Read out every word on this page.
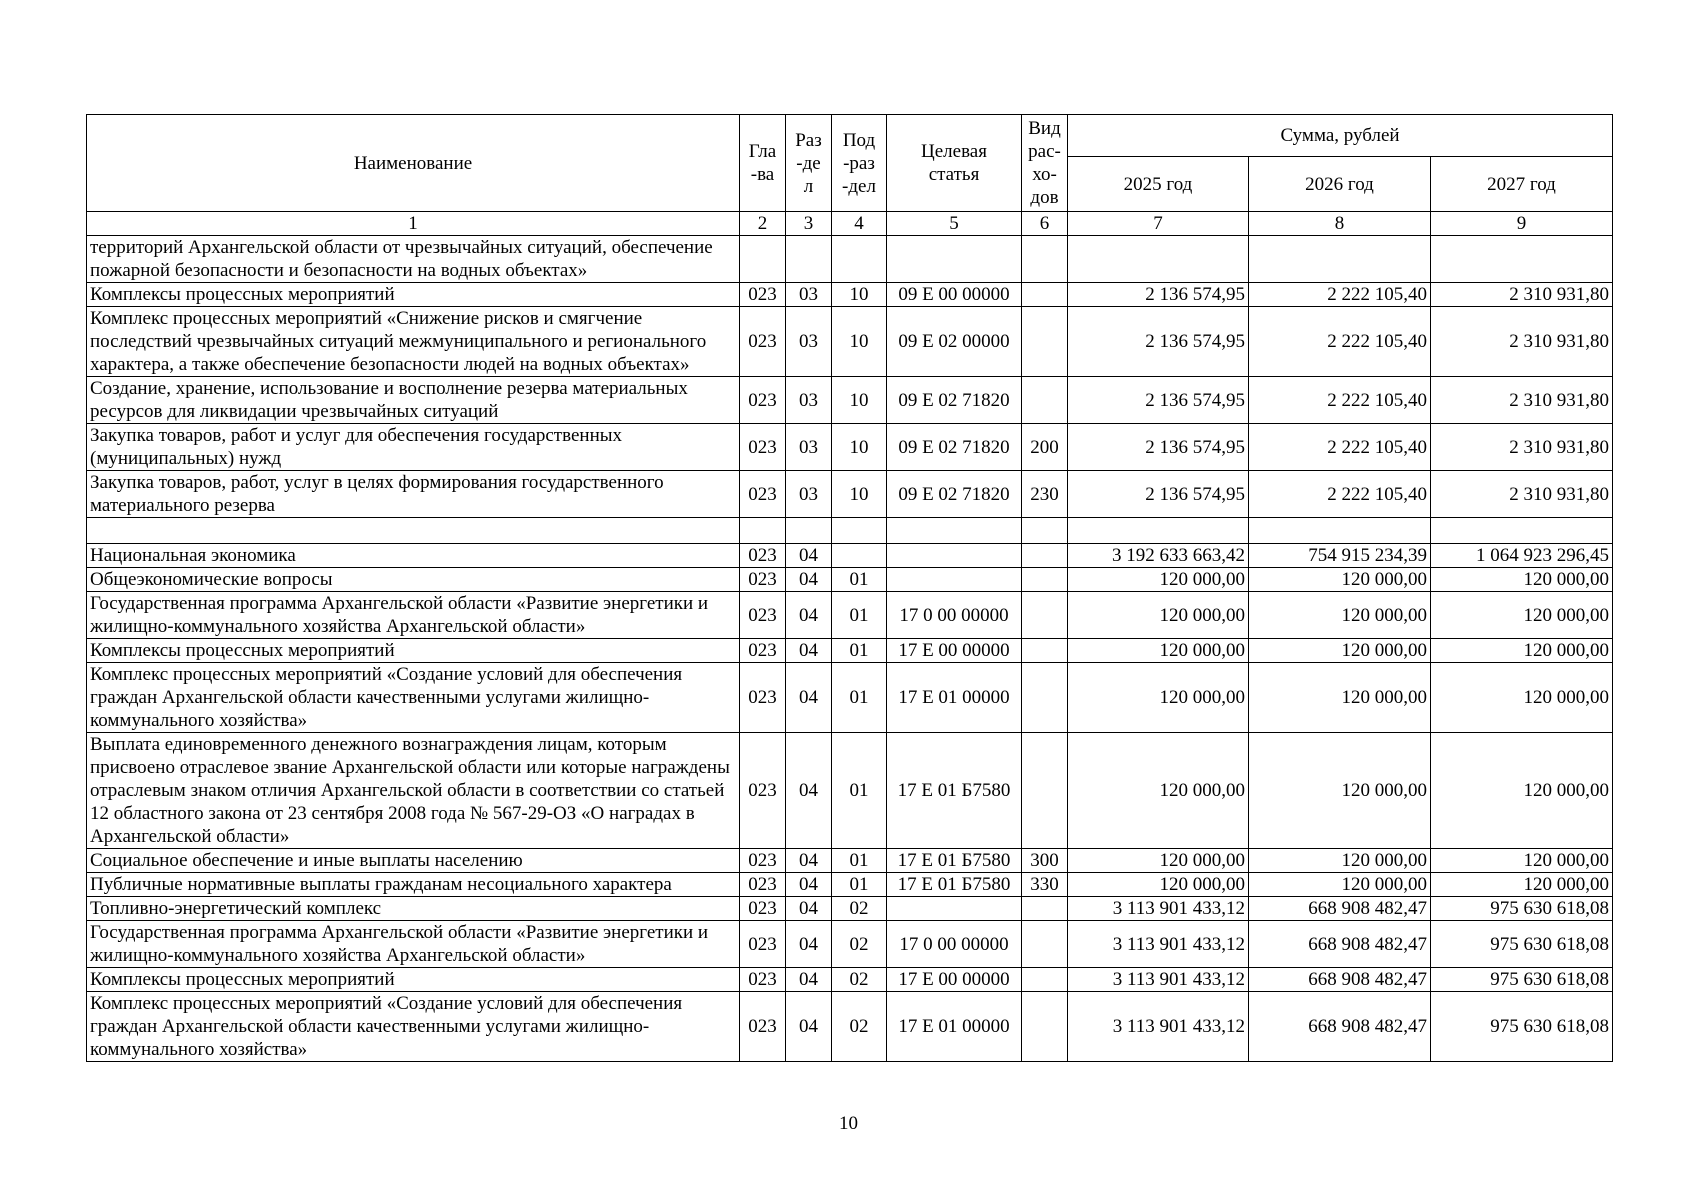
Наименование	Гла-ва	Раз-дел	Под-раз-дел	Целевая статья	Вид рас-хо-дов	Сумма, рублей		
						2025 год	2026 год	2027 год
1	2	3	4	5	6	7	8	9
территорий Архангельской области от чрезвычайных ситуаций, обеспечение пожарной безопасности и безопасности на водных объектах»								
Комплексы процессных мероприятий	023	03	10	09 Е 00 00000		2 136 574,95	2 222 105,40	2 310 931,80
Комплекс процессных мероприятий «Снижение рисков и смягчение последствий чрезвычайных ситуаций межмуниципального и регионального характера, а также обеспечение безопасности людей на водных объектах»	023	03	10	09 Е 02 00000		2 136 574,95	2 222 105,40	2 310 931,80
Создание, хранение, использование и восполнение резерва материальных ресурсов для ликвидации чрезвычайных ситуаций	023	03	10	09 Е 02 71820		2 136 574,95	2 222 105,40	2 310 931,80
Закупка товаров, работ и услуг для обеспечения государственных (муниципальных) нужд	023	03	10	09 Е 02 71820	200	2 136 574,95	2 222 105,40	2 310 931,80
Закупка товаров, работ, услуг в целях формирования государственного материального резерва	023	03	10	09 Е 02 71820	230	2 136 574,95	2 222 105,40	2 310 931,80

Национальная экономика	023	04				3 192 633 663,42	754 915 234,39	1 064 923 296,45
Общеэкономические вопросы	023	04	01			120 000,00	120 000,00	120 000,00
Государственная программа Архангельской области «Развитие энергетики и жилищно-коммунального хозяйства Архангельской области»	023	04	01	17 0 00 00000		120 000,00	120 000,00	120 000,00
Комплексы процессных мероприятий	023	04	01	17 Е 00 00000		120 000,00	120 000,00	120 000,00
Комплекс процессных мероприятий «Создание условий для обеспечения граждан Архангельской области качественными услугами жилищно-коммунального хозяйства»	023	04	01	17 Е 01 00000		120 000,00	120 000,00	120 000,00
Выплата единовременного денежного вознаграждения лицам, которым присвоено отраслевое звание Архангельской области или которые награждены отраслевым знаком отличия Архангельской области в соответствии со статьей 12 областного закона от 23 сентября 2008 года № 567-29-ОЗ «О наградах в Архангельской области»	023	04	01	17 Е 01 Б7580		120 000,00	120 000,00	120 000,00
Социальное обеспечение и иные выплаты населению	023	04	01	17 Е 01 Б7580	300	120 000,00	120 000,00	120 000,00
Публичные нормативные выплаты гражданам несоциального характера	023	04	01	17 Е 01 Б7580	330	120 000,00	120 000,00	120 000,00
Топливно-энергетический комплекс	023	04	02			3 113 901 433,12	668 908 482,47	975 630 618,08
Государственная программа Архангельской области «Развитие энергетики и жилищно-коммунального хозяйства Архангельской области»	023	04	02	17 0 00 00000		3 113 901 433,12	668 908 482,47	975 630 618,08
Комплексы процессных мероприятий	023	04	02	17 Е 00 00000		3 113 901 433,12	668 908 482,47	975 630 618,08
Комплекс процессных мероприятий «Создание условий для обеспечения граждан Архангельской области качественными услугами жилищно-коммунального хозяйства»	023	04	02	17 Е 01 00000		3 113 901 433,12	668 908 482,47	975 630 618,08
10
